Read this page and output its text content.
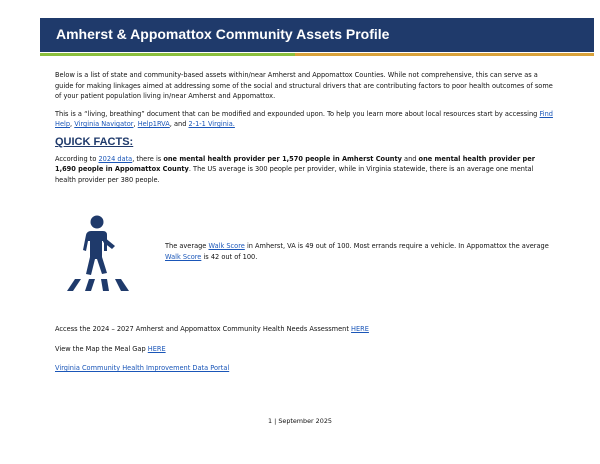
Amherst & Appomattox Community Assets Profile

Below is a list of state and community-based assets within/near Amherst and Appomattox Counties. While not comprehensive, this can serve as a guide for making linkages aimed at addressing some of the social and structural drivers that are contributing factors to poor health outcomes of some of your patient population living in/near Amherst and Appomattox.

This is a “living, breathing” document that can be modified and expounded upon. To help you learn more about local resources start by accessing Find Help, Virginia Navigator, Help1RVA, and 2-1-1 Virginia.

QUICK FACTS:

According to 2024 data, there is one mental health provider per 1,570 people in Amherst County and one mental health provider per 1,690 people in Appomattox County. The US average is 300 people per provider, while in Virginia statewide, there is an average one mental health provider per 380 people.

The average Walk Score in Amherst, VA is 49 out of 100. Most errands require a vehicle. In Appomattox the average Walk Score is 42 out of 100.

Access the 2024 – 2027 Amherst and Appomattox Community Health Needs Assessment HERE

View the Map the Meal Gap HERE

Virginia Community Health Improvement Data Portal

1 | September 2025
